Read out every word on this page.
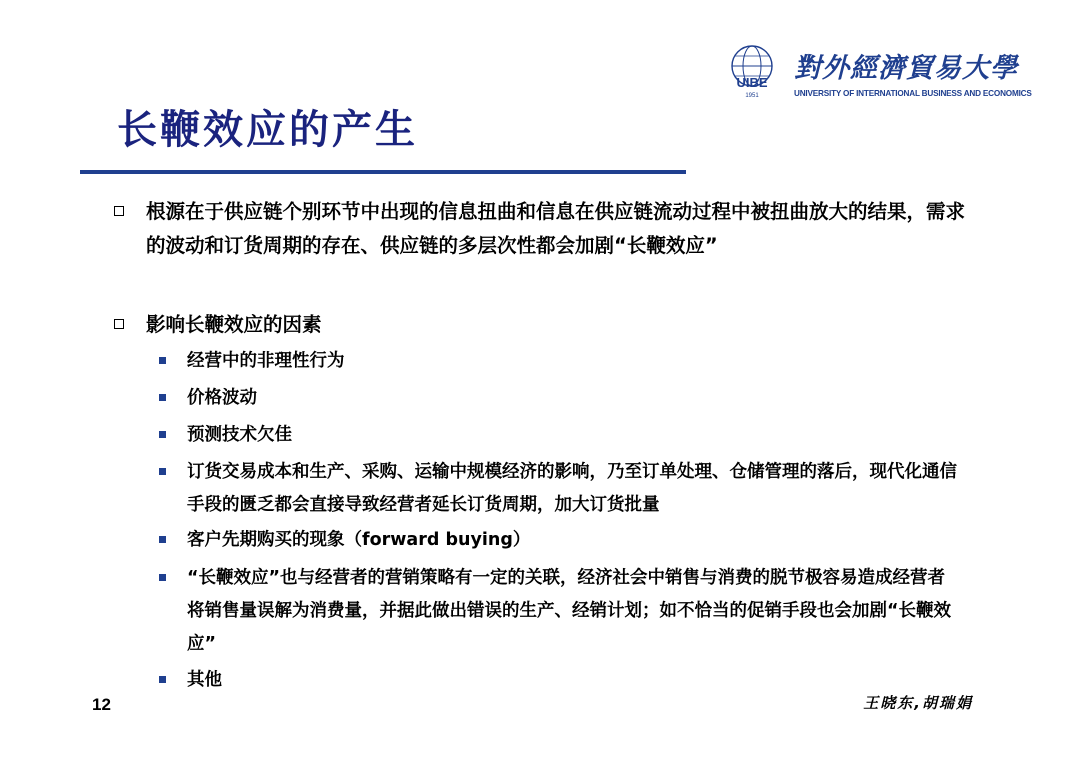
UIBE
1951
對外經濟貿易大學
UNIVERSITY OF INTERNATIONAL BUSINESS AND ECONOMICS
长鞭效应的产生
根源在于供应链个别环节中出现的信息扭曲和信息在供应链流动过程中被扭曲放大的结果，需求的波动和订货周期的存在、供应链的多层次性都会加剧“长鞭效应”
影响长鞭效应的因素
经营中的非理性行为
价格波动
预测技术欠佳
订货交易成本和生产、采购、运输中规模经济的影响，乃至订单处理、仓储管理的落后，现代化通信手段的匮乏都会直接导致经营者延长订货周期，加大订货批量
客户先期购买的现象（forward buying）
“长鞭效应”也与经营者的营销策略有一定的关联，经济社会中销售与消费的脱节极容易造成经营者将销售量误解为消费量，并据此做出错误的生产、经销计划；如不恰当的促销手段也会加剧“长鞭效应”
其他
12	王晓东,胡瑞娟
